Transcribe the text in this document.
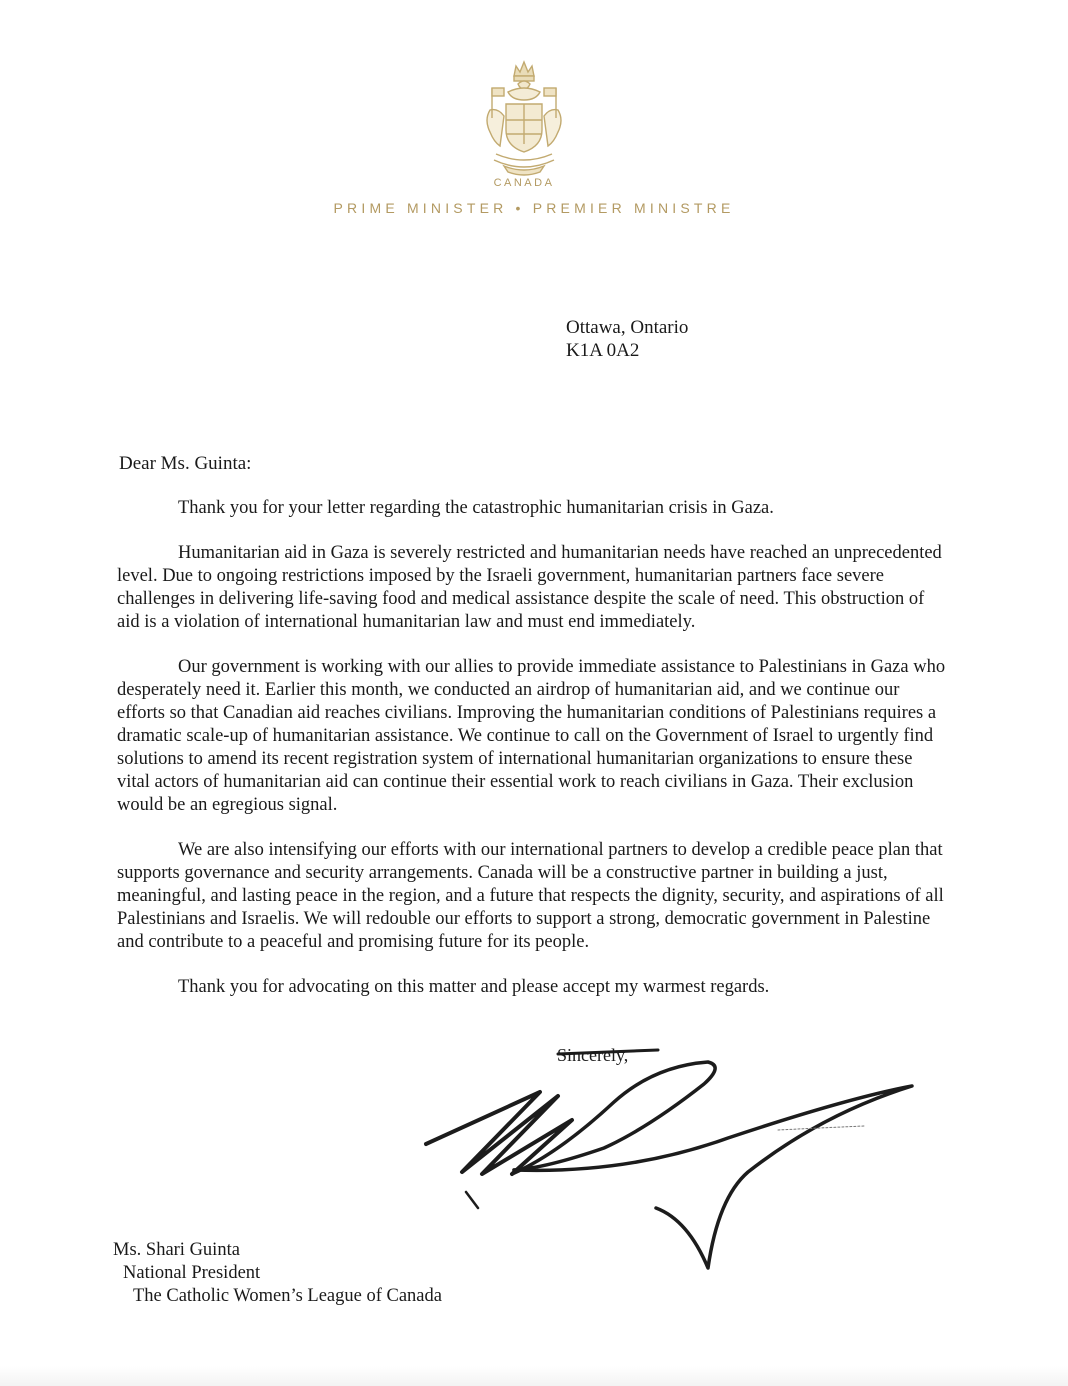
CANADA
PRIME MINISTER • PREMIER MINISTRE
Ottawa, Ontario
K1A 0A2
Dear Ms. Guinta:

Thank you for your letter regarding the catastrophic humanitarian crisis in Gaza.

Humanitarian aid in Gaza is severely restricted and humanitarian needs have reached an unprecedented level. Due to ongoing restrictions imposed by the Israeli government, humanitarian partners face severe challenges in delivering life-saving food and medical assistance despite the scale of need. This obstruction of aid is a violation of international humanitarian law and must end immediately.

Our government is working with our allies to provide immediate assistance to Palestinians in Gaza who desperately need it. Earlier this month, we conducted an airdrop of humanitarian aid, and we continue our efforts so that Canadian aid reaches civilians. Improving the humanitarian conditions of Palestinians requires a dramatic scale-up of humanitarian assistance. We continue to call on the Government of Israel to urgently find solutions to amend its recent registration system of international humanitarian organizations to ensure these vital actors of humanitarian aid can continue their essential work to reach civilians in Gaza. Their exclusion would be an egregious signal.

We are also intensifying our efforts with our international partners to develop a credible peace plan that supports governance and security arrangements. Canada will be a constructive partner in building a just, meaningful, and lasting peace in the region, and a future that respects the dignity, security, and aspirations of all Palestinians and Israelis. We will redouble our efforts to support a strong, democratic government in Palestine and contribute to a peaceful and promising future for its people.

Thank you for advocating on this matter and please accept my warmest regards.

Sincerely,
Ms. Shari Guinta
National President
The Catholic Women’s League of Canada
